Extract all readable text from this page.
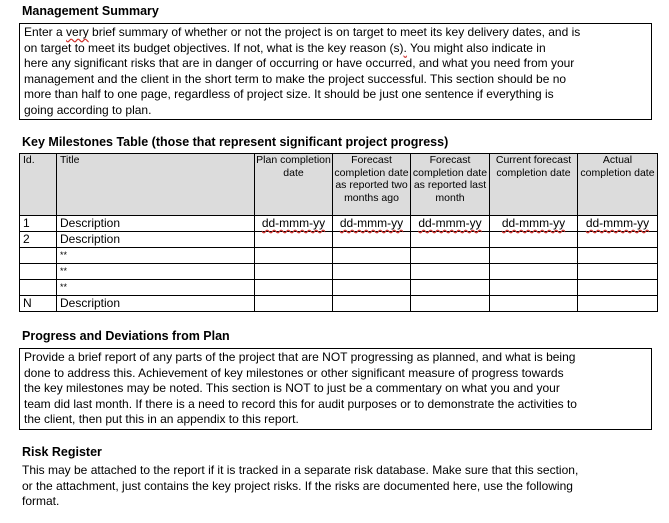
Management Summary
Enter a very brief summary of whether or not the project is on target to meet its key delivery dates, and is
on target to meet its budget objectives. If not, what is the key reason (s). You might also indicate in
here any significant risks that are in danger of occurring or have occurred, and what you need from your
management and the client in the short term to make the project successful. This section should be no
more than half to one page, regardless of project size. It should be just one sentence if everything is
going according to plan.
Key Milestones Table (those that represent significant project progress)
Id.	Title	Plan completion date	Forecast completion date as reported two months ago	Forecast completion date as reported last month	Current forecast completion date	Actual completion date
1	Description	dd-mmm-yy	dd-mmm-yy	dd-mmm-yy	dd-mmm-yy	dd-mmm-yy
2	Description					
	**					
	**					
	**					
N	Description					
Progress and Deviations from Plan
Provide a brief report of any parts of the project that are NOT progressing as planned, and what is being
done to address this. Achievement of key milestones or other significant measure of progress towards
the key milestones may be noted. This section is NOT to just be a commentary on what you and your
team did last month. If there is a need to record this for audit purposes or to demonstrate the activities to
the client, then put this in an appendix to this report.
Risk Register
This may be attached to the report if it is tracked in a separate risk database. Make sure that this section,
or the attachment, just contains the key project risks. If the risks are documented here, use the following
format.
